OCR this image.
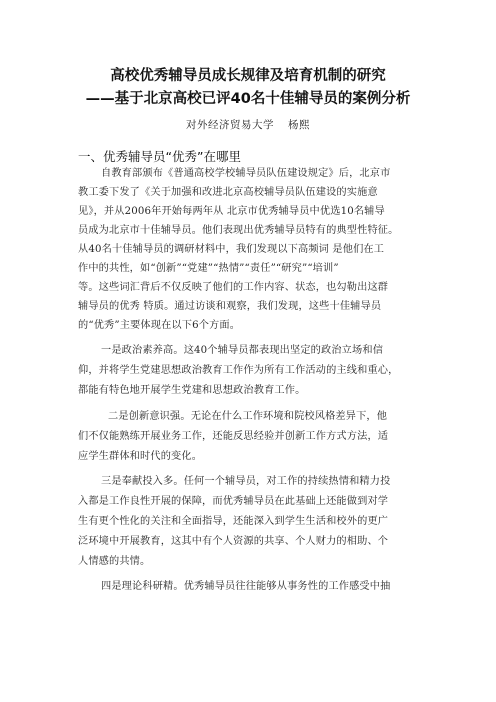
高校优秀辅导员成长规律及培育机制的研究
——基于北京高校已评40名十佳辅导员的案例分析
对外经济贸易大学 杨熙
一、优秀辅导员“优秀”在哪里
自教育部颁布《普通高校学校辅导员队伍建设规定》后，北京市
教工委下发了《关于加强和改进北京高校辅导员队伍建设的实施意
见》，并从2006年开始每两年从 北京市优秀辅导员中优选10名辅导
员成为北京市十佳辅导员。他们表现出优秀辅导员特有的典型性特征。
从40名十佳辅导员的调研材料中，我们发现以下高频词 是他们在工
作中的共性，如“创新”“党建”“热情”“责任”“研究”“培训”
等。这些词汇背后不仅反映了他们的工作内容、状态，也勾勒出这群
辅导员的优秀 特质。通过访谈和观察，我们发现，这些十佳辅导员
的“优秀”主要体现在以下6个方面。
一是政治素养高。这40个辅导员都表现出坚定的政治立场和信
仰，并将学生党建思想政治教育工作作为所有工作活动的主线和重心，
都能有特色地开展学生党建和思想政治教育工作。
二是创新意识强。无论在什么工作环境和院校风格差异下，他
们不仅能熟练开展业务工作，还能反思经验并创新工作方式方法，适
应学生群体和时代的变化。
三是奉献投入多。任何一个辅导员，对工作的持续热情和精力投
入都是工作良性开展的保障，而优秀辅导员在此基础上还能做到对学
生有更个性化的关注和全面指导，还能深入到学生生活和校外的更广
泛环境中开展教育，这其中有个人资源的共享、个人财力的相助、个
人情感的共情。
四是理论科研精。优秀辅导员往往能够从事务性的工作感受中抽
